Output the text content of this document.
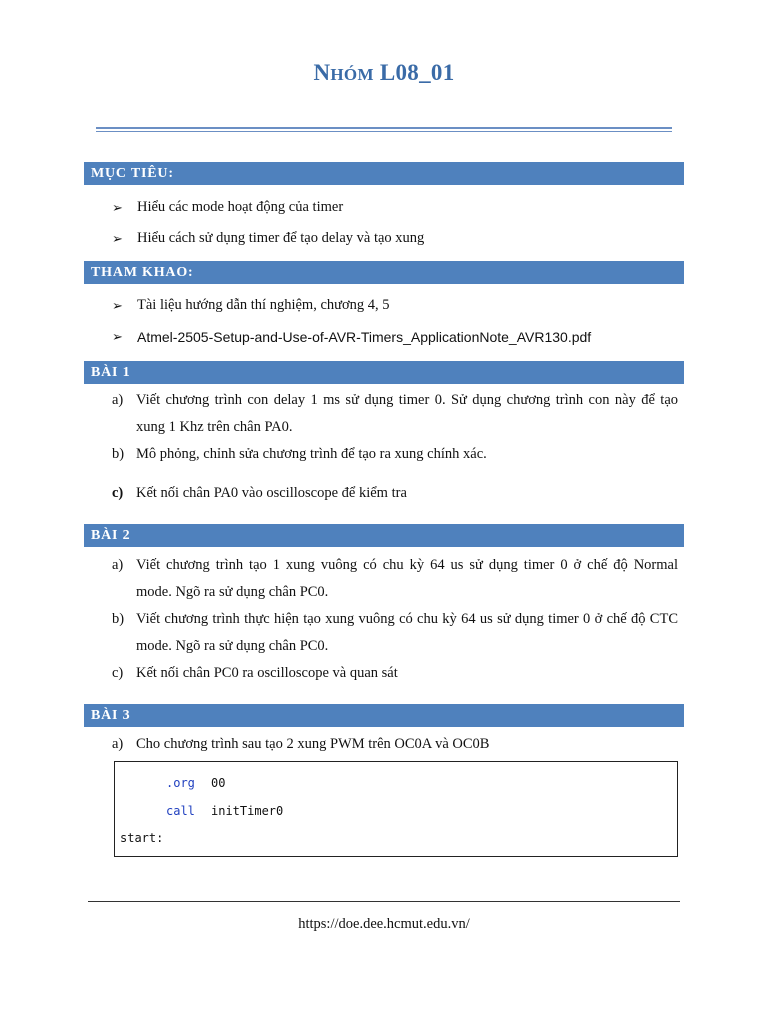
NHÓM L08_01
MỤC TIÊU:
➢ Hiểu các mode hoạt động của timer
➢ Hiểu cách sử dụng timer để tạo delay và tạo xung
THAM KHAO:
➢ Tài liệu hướng dẫn thí nghiệm, chương 4, 5
➢ Atmel-2505-Setup-and-Use-of-AVR-Timers_ApplicationNote_AVR130.pdf
BÀI 1
a) Viết chương trình con delay 1 ms sử dụng timer 0. Sử dụng chương trình con này để tạo
xung 1 Khz trên chân PA0.
b) Mô phỏng, chỉnh sửa chương trình để tạo ra xung chính xác.
c) Kết nối chân PA0 vào oscilloscope để kiểm tra
BÀI 2
a) Viết chương trình tạo 1 xung vuông có chu kỳ 64 us sử dụng timer 0 ở chế độ Normal
mode. Ngõ ra sử dụng chân PC0.
b) Viết chương trình thực hiện tạo xung vuông có chu kỳ 64 us sử dụng timer 0 ở chế độ CTC
mode. Ngõ ra sử dụng chân PC0.
c) Kết nối chân PC0 ra oscilloscope và quan sát
BÀI 3
a) Cho chương trình sau tạo 2 xung PWM trên OC0A và OC0B
.org 00
call initTimer0
start:
https://doe.dee.hcmut.edu.vn/
